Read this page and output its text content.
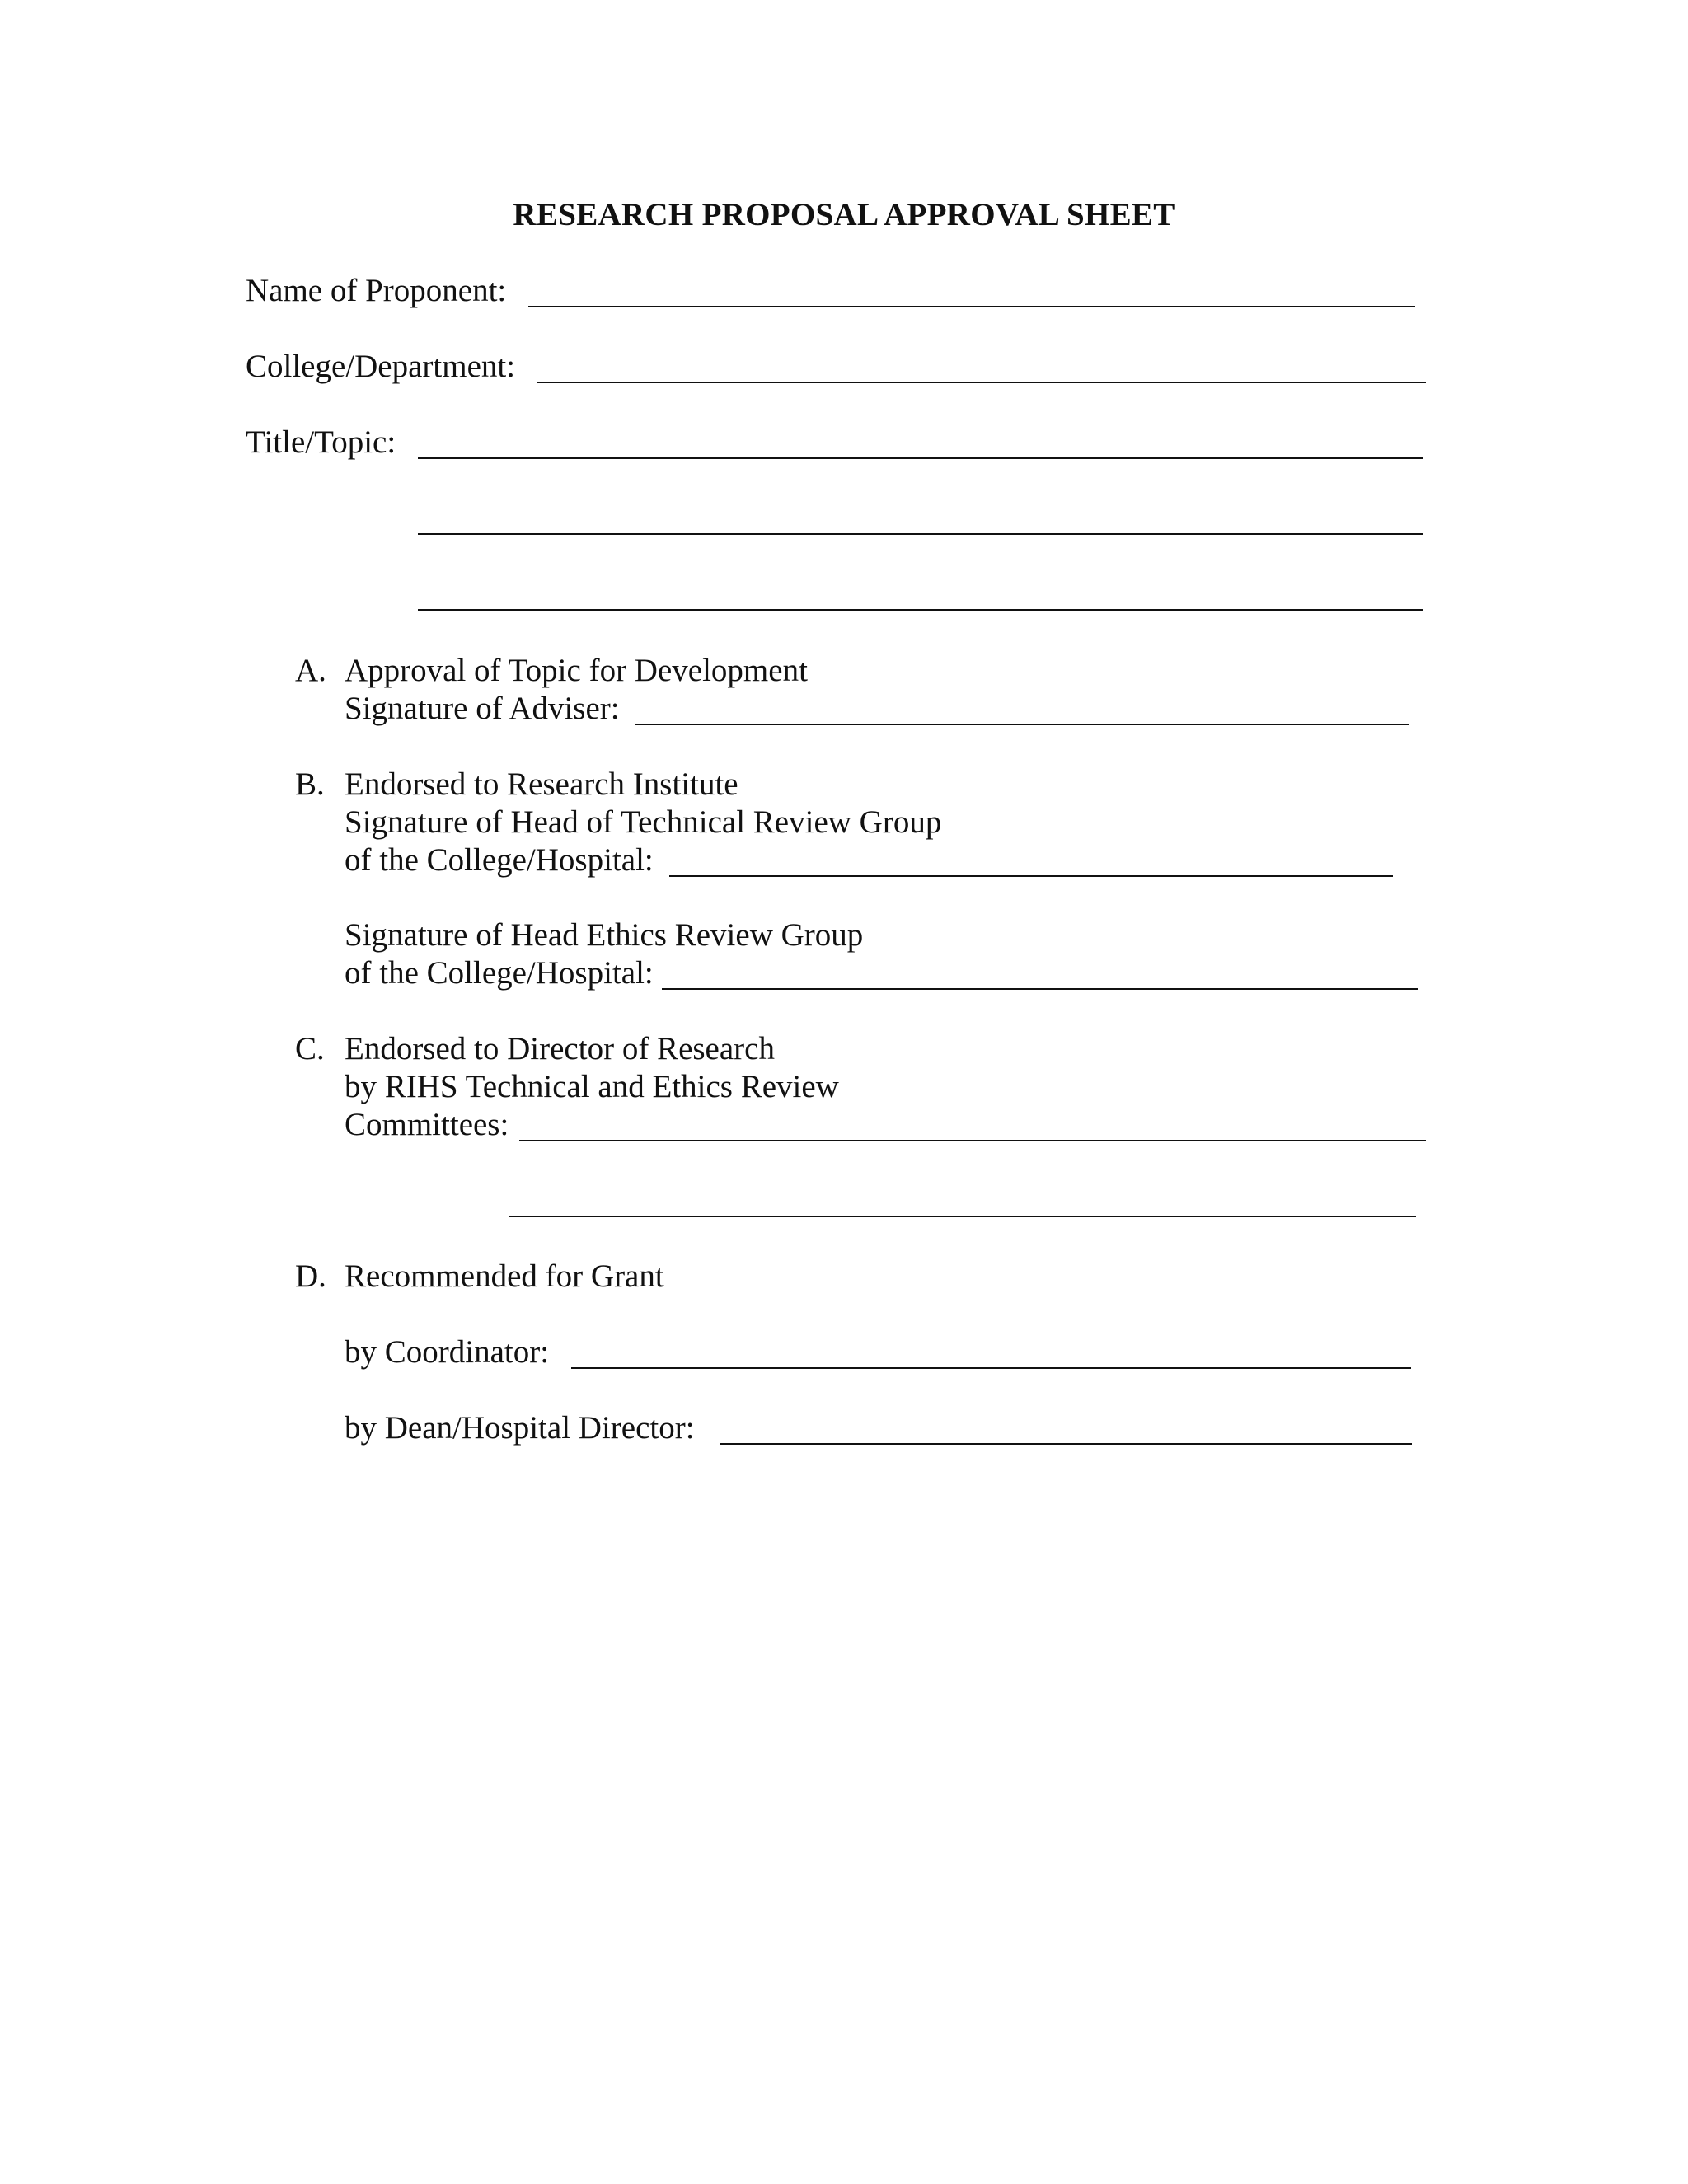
RESEARCH PROPOSAL APPROVAL SHEET
Name of Proponent:
College/Department:
Title/Topic:
A. Approval of Topic for Development
Signature of Adviser:
B. Endorsed to Research Institute
Signature of Head of Technical Review Group
of the College/Hospital:
Signature of Head Ethics Review Group
of the College/Hospital:
C. Endorsed to Director of Research
by RIHS Technical and Ethics Review
Committees:
D. Recommended for Grant
by Coordinator:
by Dean/Hospital Director:
